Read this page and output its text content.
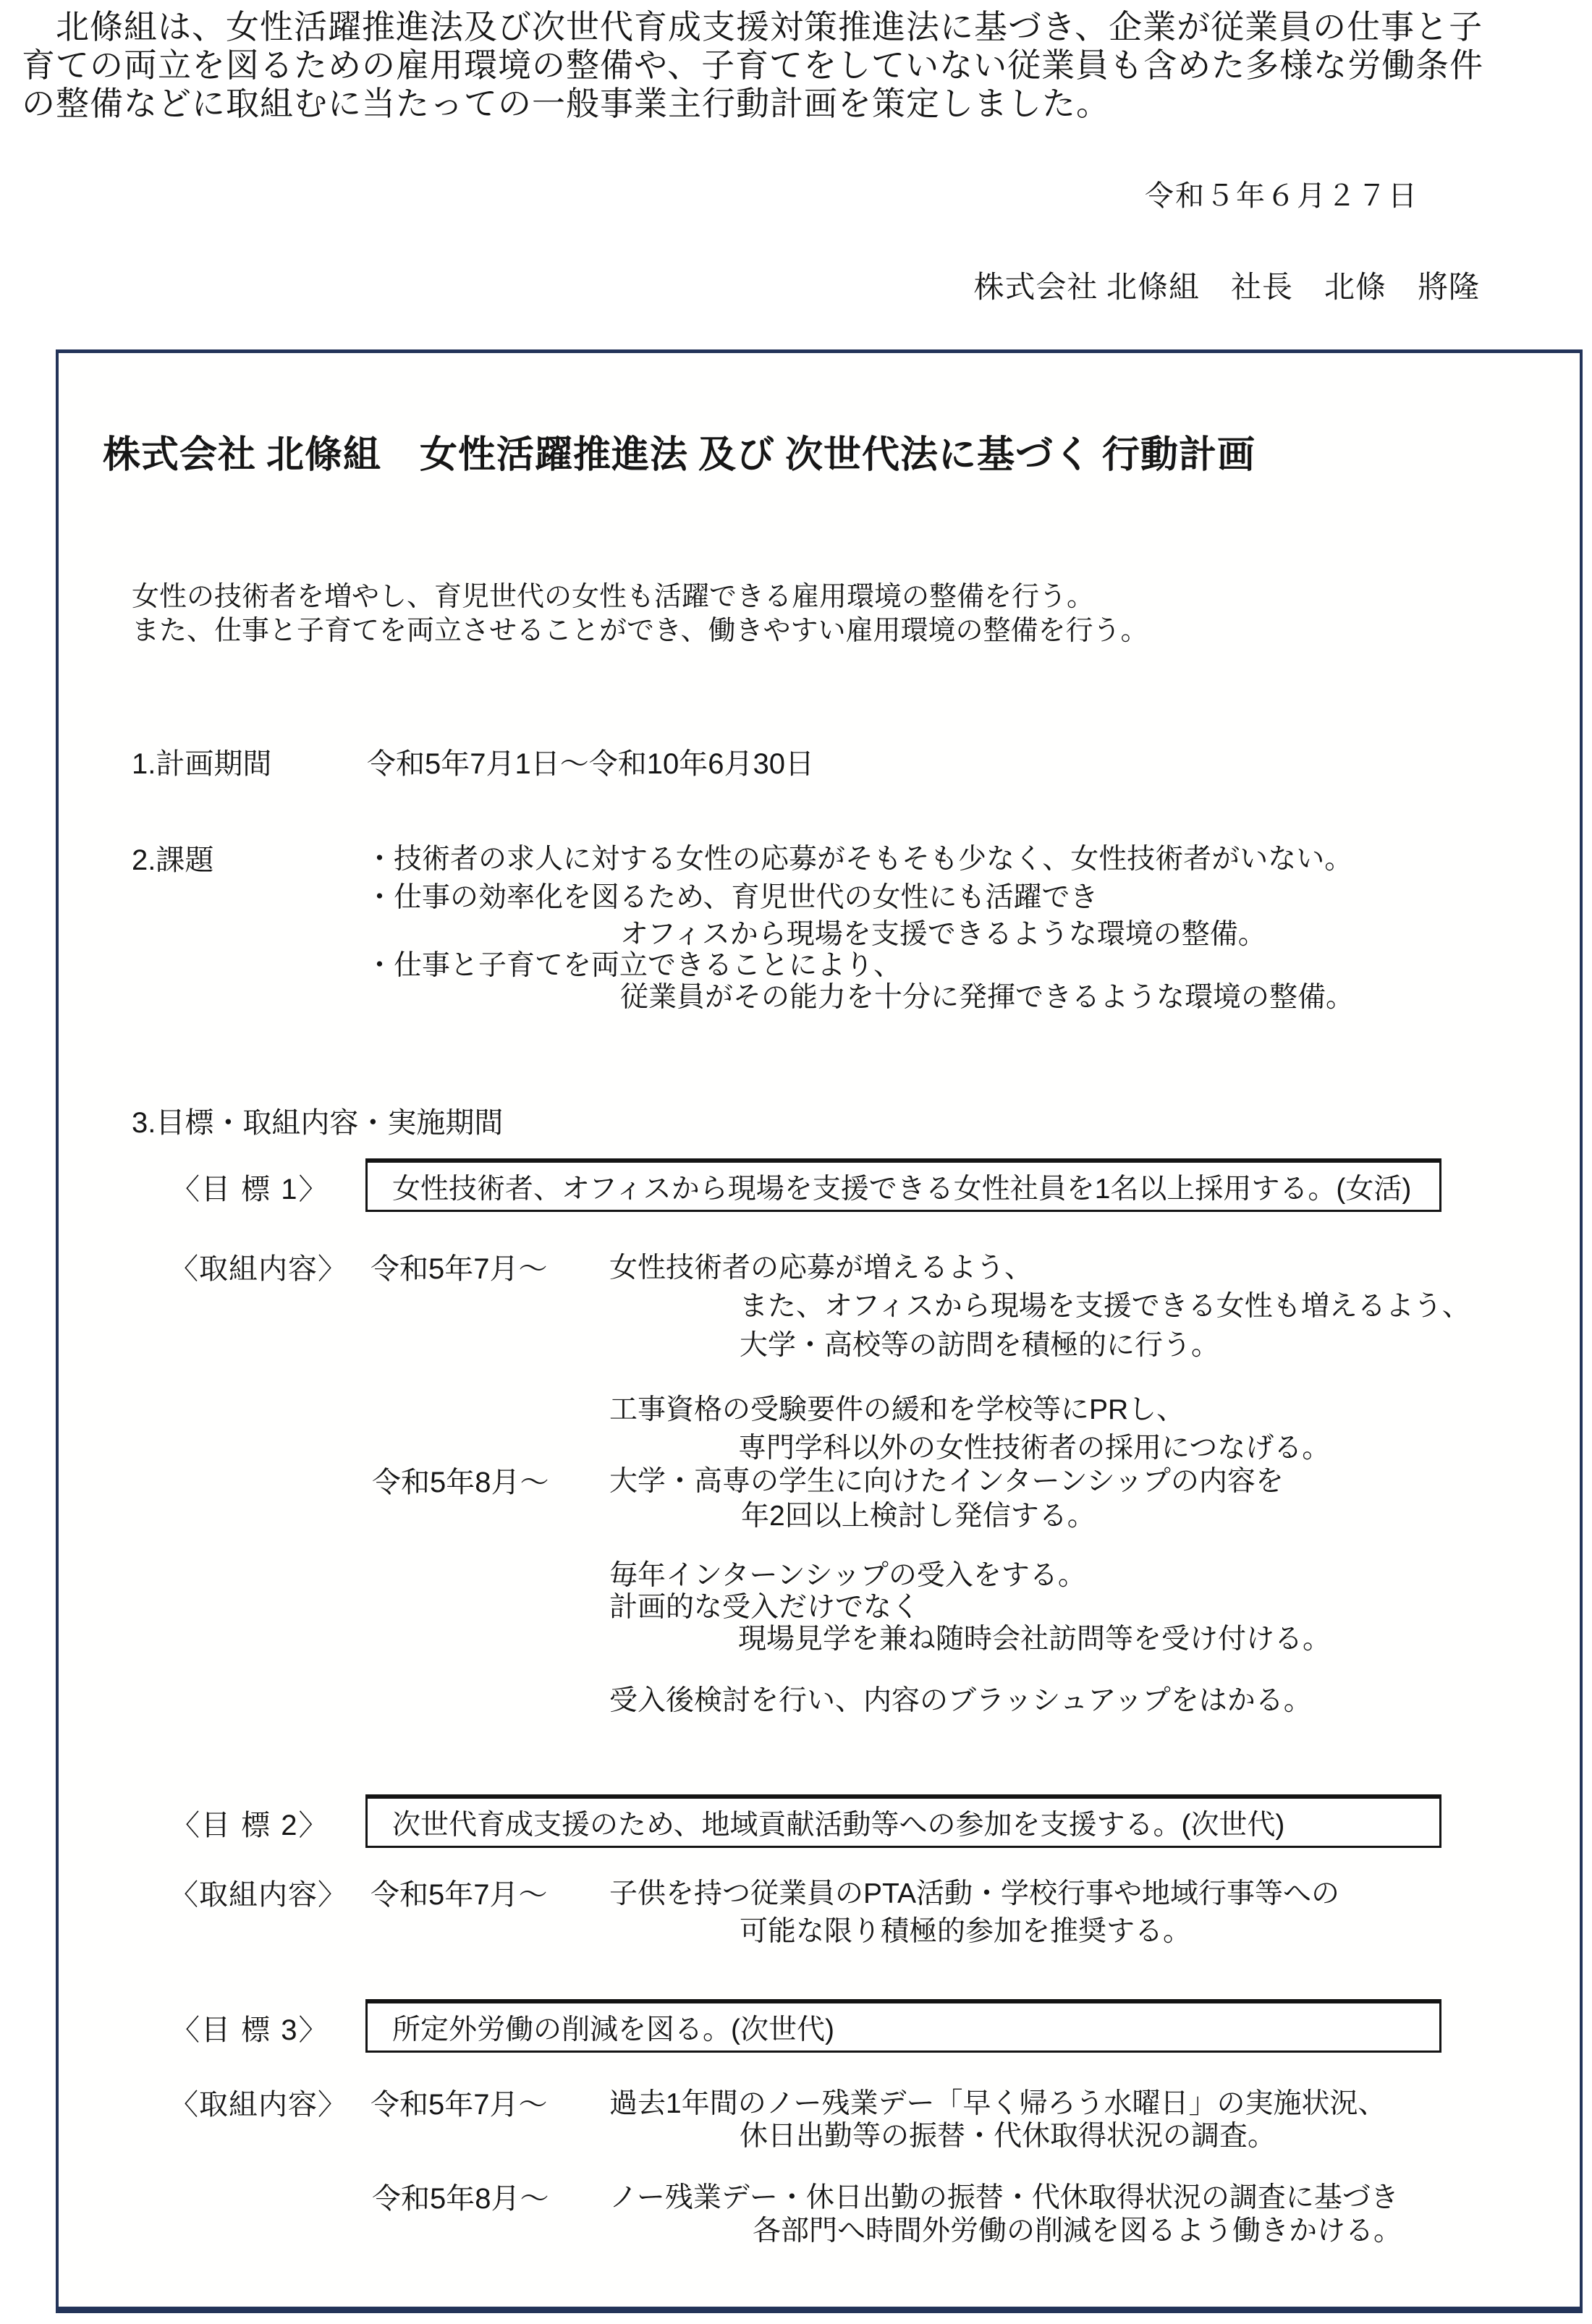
　北條組は、女性活躍推進法及び次世代育成支援対策推進法に基づき、企業が従業員の仕事と子
育ての両立を図るための雇用環境の整備や、子育てをしていない従業員も含めた多様な労働条件
の整備などに取組むに当たっての一般事業主行動計画を策定しました。
令和５年６月２７日
株式会社 北條組　社長　北條　將隆
株式会社 北條組　女性活躍推進法 及び 次世代法に基づく 行動計画
女性の技術者を増やし、育児世代の女性も活躍できる雇用環境の整備を行う。
また、仕事と子育てを両立させることができ、働きやすい雇用環境の整備を行う。
1.計画期間	令和5年7月1日～令和10年6月30日
2.課題	・技術者の求人に対する女性の応募がそもそも少なく、女性技術者がいない。
・仕事の効率化を図るため、育児世代の女性にも活躍でき
オフィスから現場を支援できるような環境の整備。
・仕事と子育てを両立できることにより、
従業員がその能力を十分に発揮できるような環境の整備。
3.目標・取組内容・実施期間
〈目 標 1〉 女性技術者、オフィスから現場を支援できる女性社員を1名以上採用する。(女活)
〈取組内容〉 令和5年7月～ 女性技術者の応募が増えるよう、
また、オフィスから現場を支援できる女性も増えるよう、
大学・高校等の訪問を積極的に行う。
工事資格の受験要件の緩和を学校等にPRし、
専門学科以外の女性技術者の採用につなげる。
令和5年8月～ 大学・高専の学生に向けたインターンシップの内容を
年2回以上検討し発信する。
毎年インターンシップの受入をする。
計画的な受入だけでなく
現場見学を兼ね随時会社訪問等を受け付ける。
受入後検討を行い、内容のブラッシュアップをはかる。
〈目 標 2〉 次世代育成支援のため、地域貢献活動等への参加を支援する。(次世代)
〈取組内容〉 令和5年7月～ 子供を持つ従業員のPTA活動・学校行事や地域行事等への
可能な限り積極的参加を推奨する。
〈目 標 3〉 所定外労働の削減を図る。(次世代)
〈取組内容〉 令和5年7月～ 過去1年間のノー残業デー「早く帰ろう水曜日」の実施状況、
休日出勤等の振替・代休取得状況の調査。
令和5年8月～ ノー残業デー・休日出勤の振替・代休取得状況の調査に基づき
各部門へ時間外労働の削減を図るよう働きかける。
